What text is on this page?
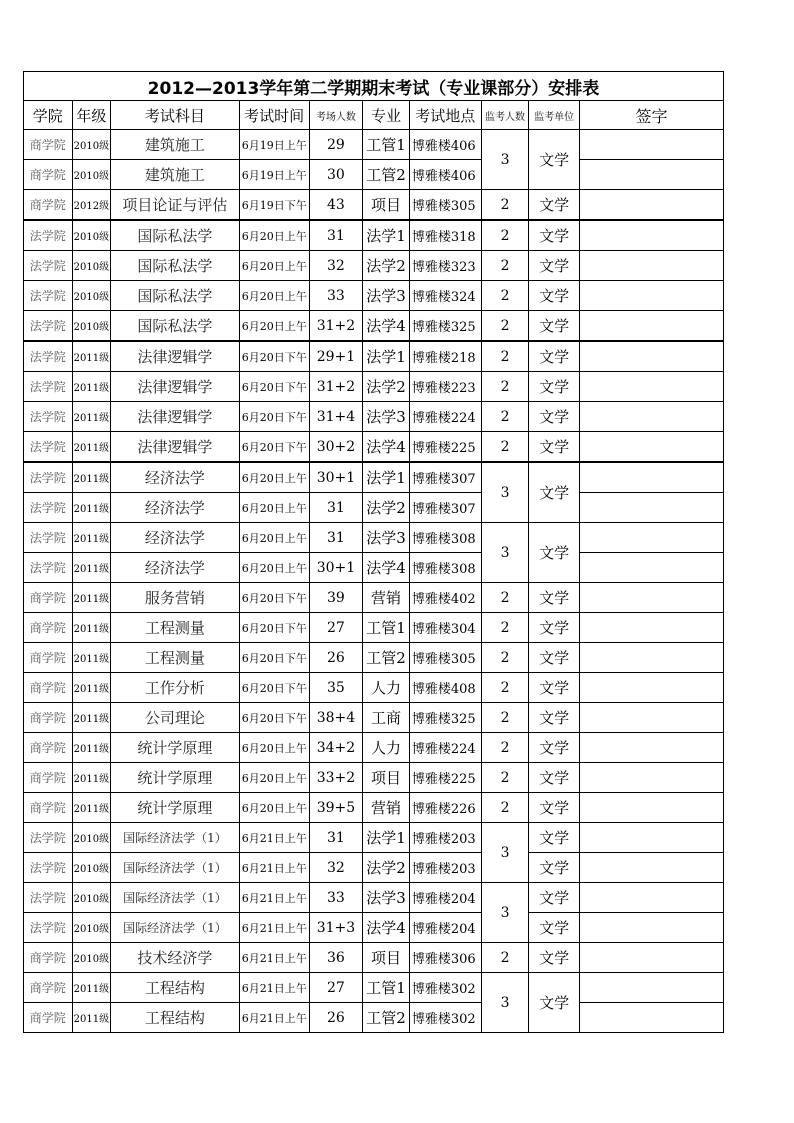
2012—2013学年第二学期期末考试（专业课部分）安排表									
学院	年级	考试科目	考试时间	考场人数	专业	考试地点	监考人数	监考单位	签字
商学院	2010级	建筑施工	6月19日上午	29	工管1	博雅楼406	3	文学	
商学院	2010级	建筑施工	6月19日上午	30	工管2	博雅楼406			
商学院	2012级	项目论证与评估	6月19日下午	43	项目	博雅楼305	2	文学	
法学院	2010级	国际私法学	6月20日上午	31	法学1	博雅楼318	2	文学	
法学院	2010级	国际私法学	6月20日上午	32	法学2	博雅楼323	2	文学	
法学院	2010级	国际私法学	6月20日上午	33	法学3	博雅楼324	2	文学	
法学院	2010级	国际私法学	6月20日上午	31+2	法学4	博雅楼325	2	文学	
法学院	2011级	法律逻辑学	6月20日下午	29+1	法学1	博雅楼218	2	文学	
法学院	2011级	法律逻辑学	6月20日下午	31+2	法学2	博雅楼223	2	文学	
法学院	2011级	法律逻辑学	6月20日下午	31+4	法学3	博雅楼224	2	文学	
法学院	2011级	法律逻辑学	6月20日下午	30+2	法学4	博雅楼225	2	文学	
法学院	2011级	经济法学	6月20日上午	30+1	法学1	博雅楼307	3	文学	
法学院	2011级	经济法学	6月20日上午	31	法学2	博雅楼307			
法学院	2011级	经济法学	6月20日上午	31	法学3	博雅楼308	3	文学	
法学院	2011级	经济法学	6月20日上午	30+1	法学4	博雅楼308			
商学院	2011级	服务营销	6月20日下午	39	营销	博雅楼402	2	文学	
商学院	2011级	工程测量	6月20日下午	27	工管1	博雅楼304	2	文学	
商学院	2011级	工程测量	6月20日下午	26	工管2	博雅楼305	2	文学	
商学院	2011级	工作分析	6月20日下午	35	人力	博雅楼408	2	文学	
商学院	2011级	公司理论	6月20日下午	38+4	工商	博雅楼325	2	文学	
商学院	2011级	统计学原理	6月20日上午	34+2	人力	博雅楼224	2	文学	
商学院	2011级	统计学原理	6月20日上午	33+2	项目	博雅楼225	2	文学	
商学院	2011级	统计学原理	6月20日上午	39+5	营销	博雅楼226	2	文学	
法学院	2010级	国际经济法学（1）	6月21日上午	31	法学1	博雅楼203	3	文学	
法学院	2010级	国际经济法学（1）	6月21日上午	32	法学2	博雅楼203		文学	
法学院	2010级	国际经济法学（1）	6月21日上午	33	法学3	博雅楼204	3	文学	
法学院	2010级	国际经济法学（1）	6月21日上午	31+3	法学4	博雅楼204		文学	
商学院	2010级	技术经济学	6月21日上午	36	项目	博雅楼306	2	文学	
商学院	2011级	工程结构	6月21日上午	27	工管1	博雅楼302	3	文学	
商学院	2011级	工程结构	6月21日上午	26	工管2	博雅楼302			
